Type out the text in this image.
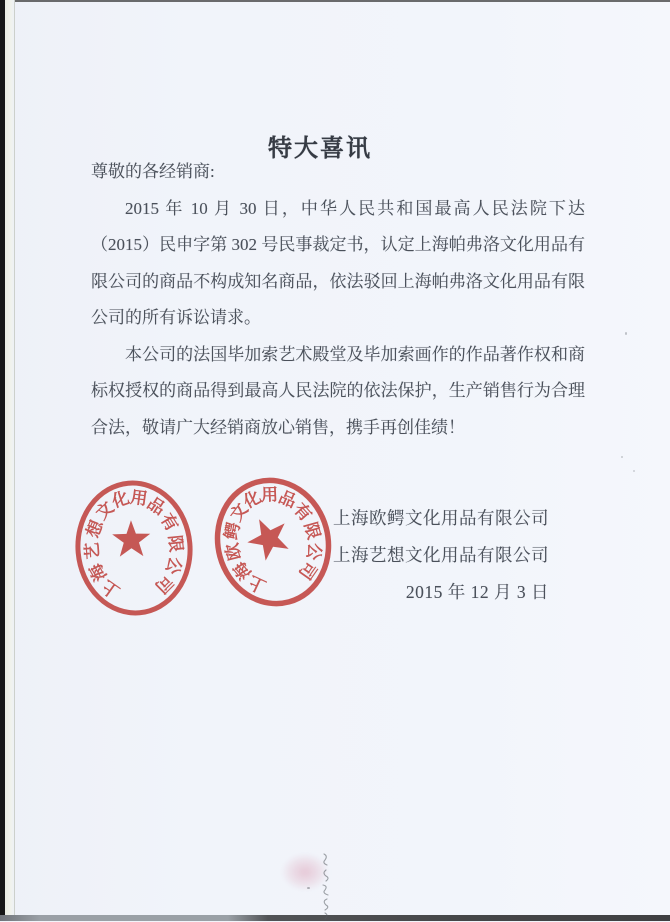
特大喜讯

尊敬的各经销商:

2015 年 10 月 30 日，中华人民共和国最高人民法院下达（2015）民申字第 302 号民事裁定书，认定上海帕弗洛文化用品有限公司的商品不构成知名商品，依法驳回上海帕弗洛文化用品有限公司的所有诉讼请求。

本公司的法国毕加索艺术殿堂及毕加索画作的作品著作权和商标权授权的商品得到最高人民法院的依法保护，生产销售行为合理合法，敬请广大经销商放心销售，携手再创佳绩！

上海欧鳄文化用品有限公司
上海艺想文化用品有限公司
2015 年 12 月 3 日
上
海
艺
想
文
化
用
品
有
限
公
司	上
海
欧
鳄
文
化
用
品
有
限
公
司
